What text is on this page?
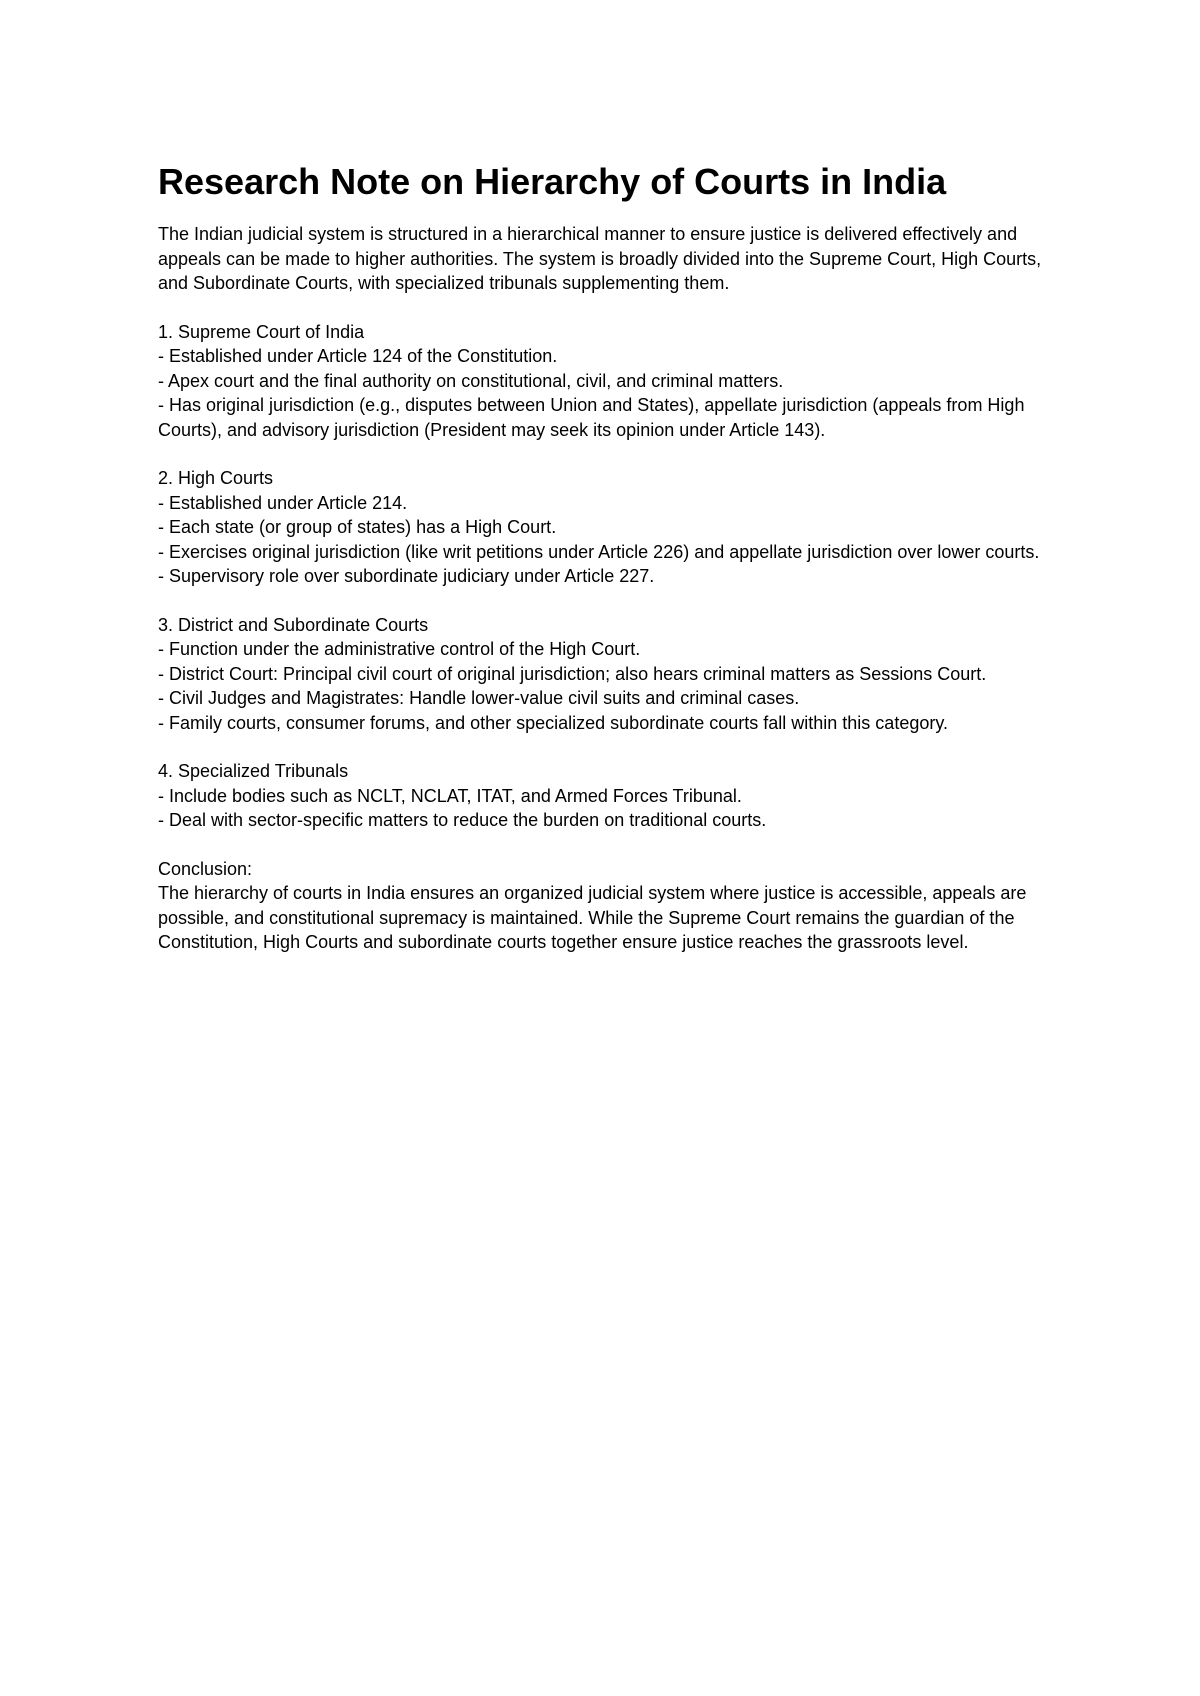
Research Note on Hierarchy of Courts in India

The Indian judicial system is structured in a hierarchical manner to ensure justice is delivered effectively and appeals can be made to higher authorities. The system is broadly divided into the Supreme Court, High Courts, and Subordinate Courts, with specialized tribunals supplementing them.

1. Supreme Court of India
- Established under Article 124 of the Constitution.
- Apex court and the final authority on constitutional, civil, and criminal matters.
- Has original jurisdiction (e.g., disputes between Union and States), appellate jurisdiction (appeals from High Courts), and advisory jurisdiction (President may seek its opinion under Article 143).
2. High Courts
- Established under Article 214.
- Each state (or group of states) has a High Court.
- Exercises original jurisdiction (like writ petitions under Article 226) and appellate jurisdiction over lower courts.
- Supervisory role over subordinate judiciary under Article 227.
3. District and Subordinate Courts
- Function under the administrative control of the High Court.
- District Court: Principal civil court of original jurisdiction; also hears criminal matters as Sessions Court.
- Civil Judges and Magistrates: Handle lower-value civil suits and criminal cases.
- Family courts, consumer forums, and other specialized subordinate courts fall within this category.
4. Specialized Tribunals
- Include bodies such as NCLT, NCLAT, ITAT, and Armed Forces Tribunal.
- Deal with sector-specific matters to reduce the burden on traditional courts.
Conclusion:
The hierarchy of courts in India ensures an organized judicial system where justice is accessible, appeals are possible, and constitutional supremacy is maintained. While the Supreme Court remains the guardian of the Constitution, High Courts and subordinate courts together ensure justice reaches the grassroots level.
